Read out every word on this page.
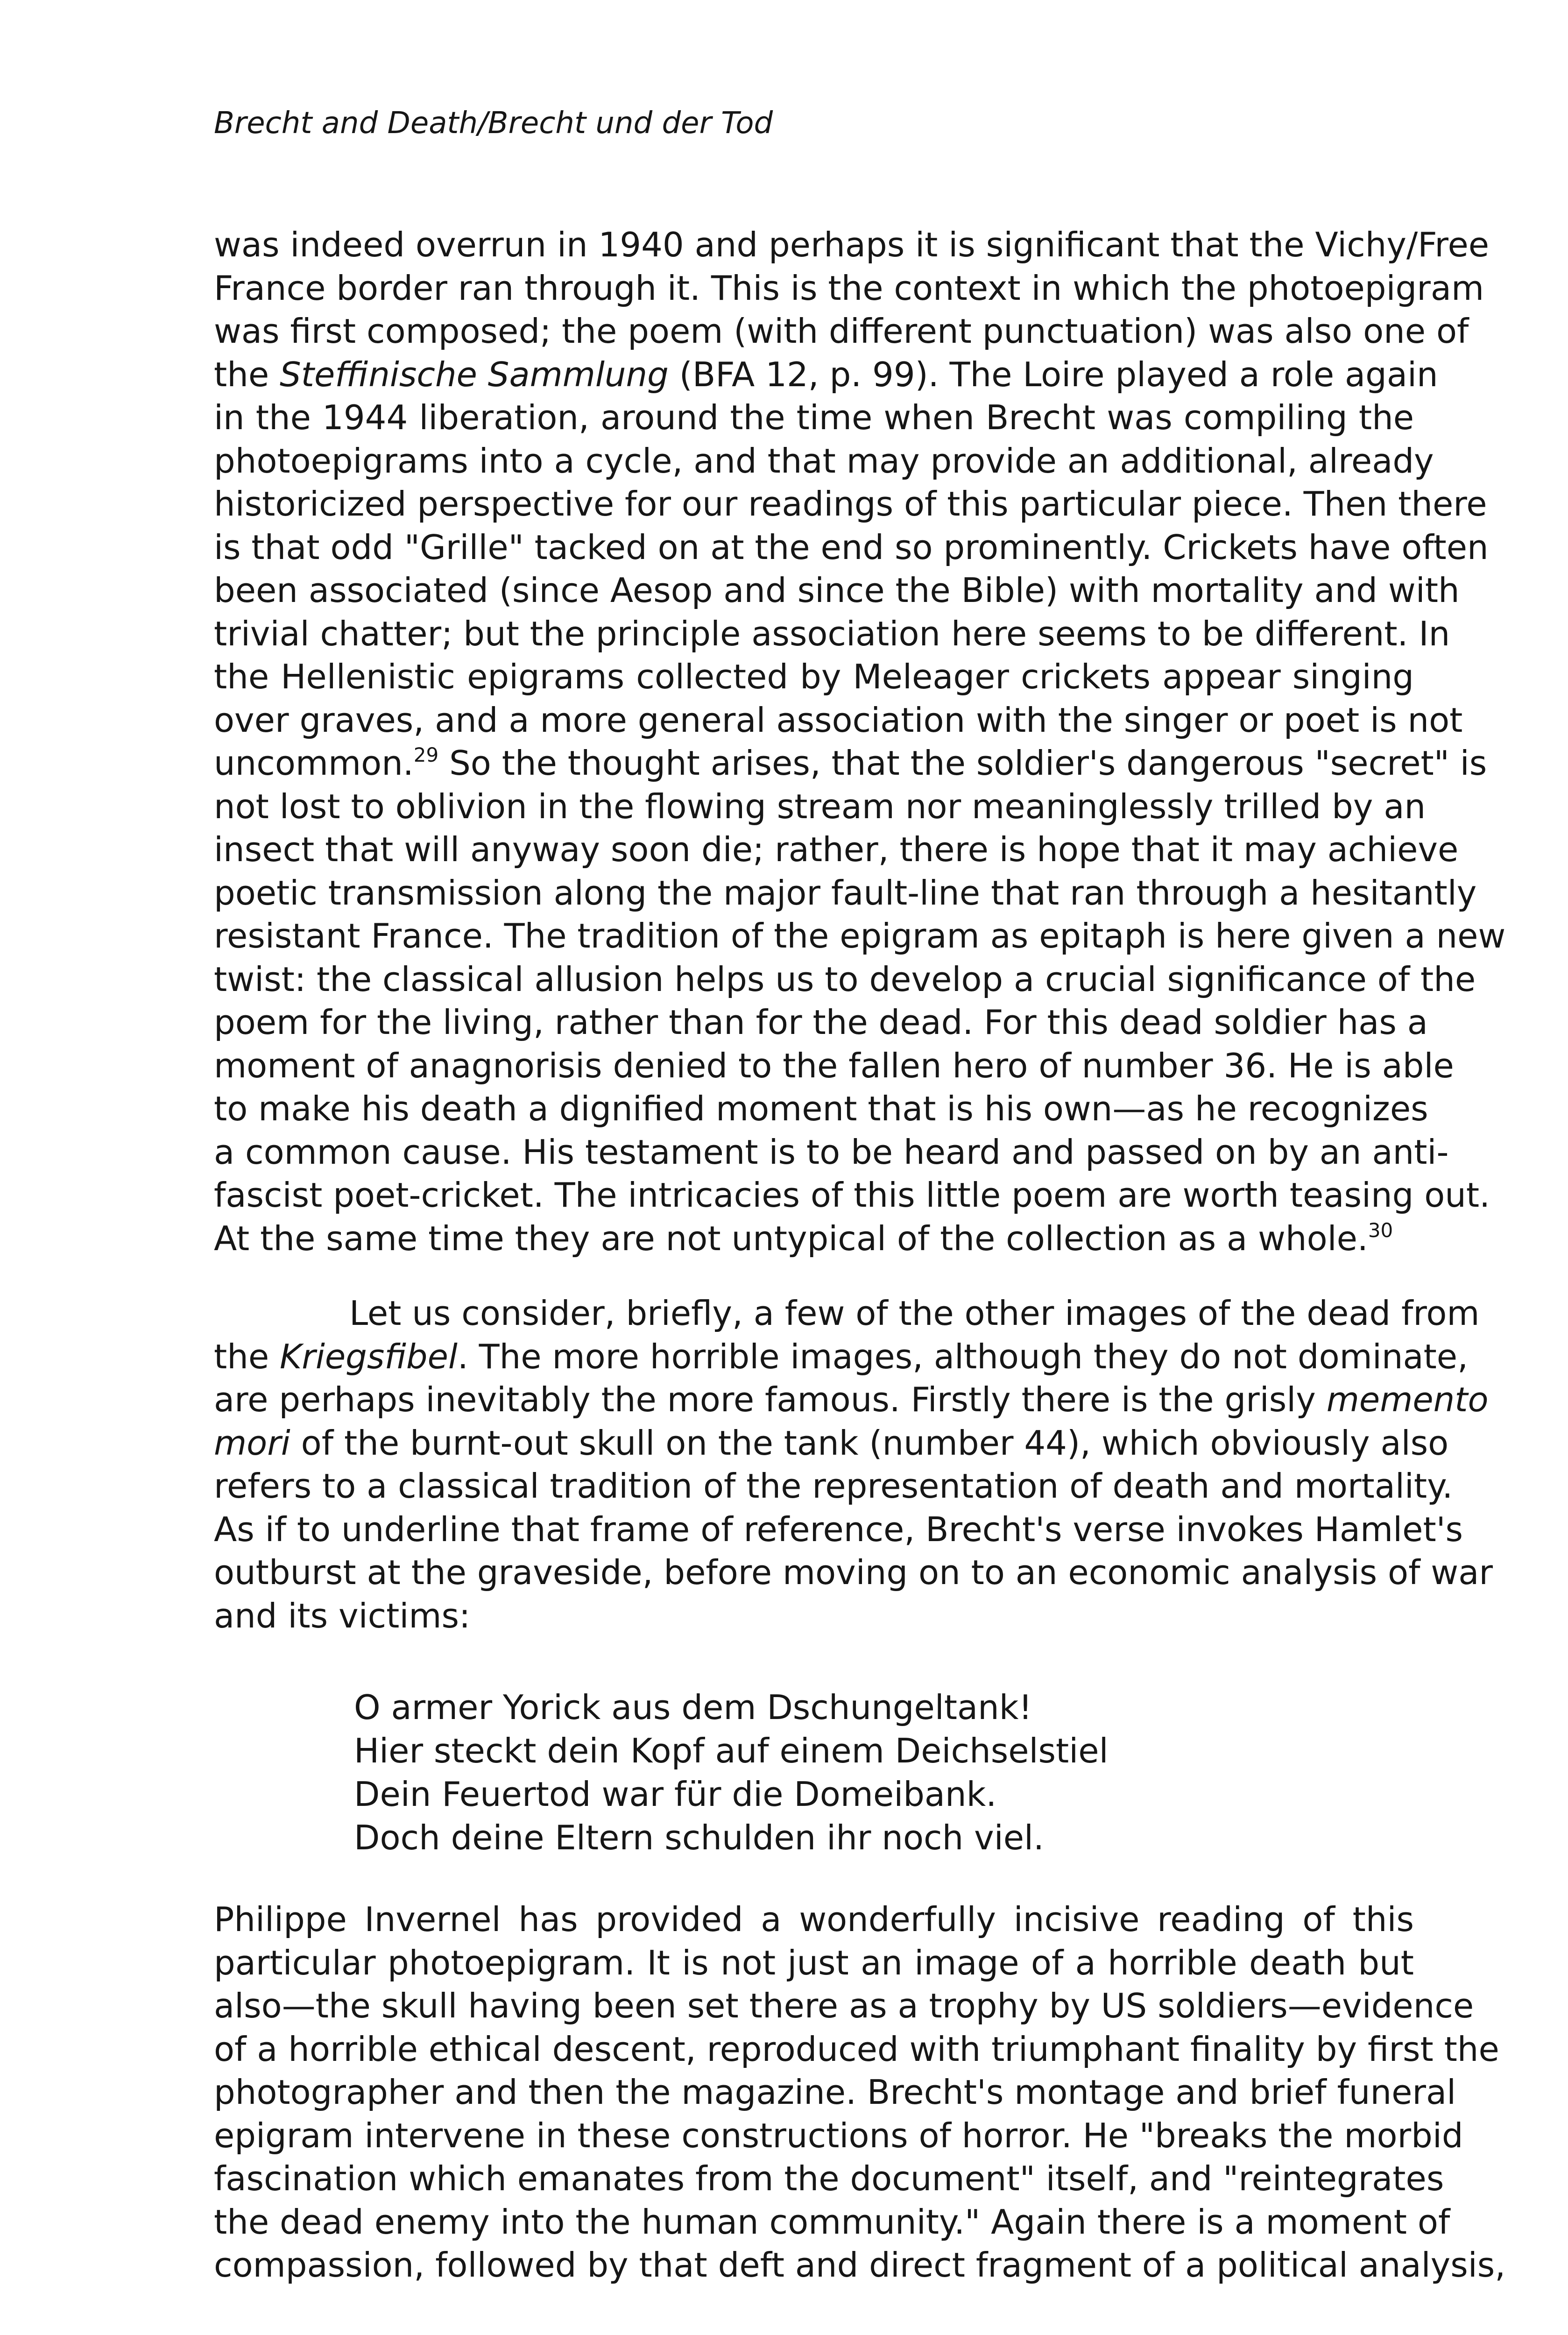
Brecht and Death/Brecht und der Tod
was indeed overrun in 1940 and perhaps it is significant that the Vichy/Free
France border ran through it. This is the context in which the photoepigram
was first composed; the poem (with different punctuation) was also one of
the Steffinische Sammlung (BFA 12, p. 99). The Loire played a role again
in the 1944 liberation, around the time when Brecht was compiling the
photoepigrams into a cycle, and that may provide an additional, already
historicized perspective for our readings of this particular piece. Then there
is that odd "Grille" tacked on at the end so prominently. Crickets have often
been associated (since Aesop and since the Bible) with mortality and with
trivial chatter; but the principle association here seems to be different. In
the Hellenistic epigrams collected by Meleager crickets appear singing
over graves, and a more general association with the singer or poet is not
uncommon.$^{29}$ So the thought arises, that the soldier's dangerous "secret" is
not lost to oblivion in the flowing stream nor meaninglessly trilled by an
insect that will anyway soon die; rather, there is hope that it may achieve
poetic transmission along the major fault-line that ran through a hesitantly
resistant France. The tradition of the epigram as epitaph is here given a new
twist: the classical allusion helps us to develop a crucial significance of the
poem for the living, rather than for the dead. For this dead soldier has a
moment of anagnorisis denied to the fallen hero of number 36. He is able
to make his death a dignified moment that is his own—as he recognizes
a common cause. His testament is to be heard and passed on by an anti-
fascist poet-cricket. The intricacies of this little poem are worth teasing out.
At the same time they are not untypical of the collection as a whole.$^{30}$
Let us consider, briefly, a few of the other images of the dead from
the Kriegsfibel. The more horrible images, although they do not dominate,
are perhaps inevitably the more famous. Firstly there is the grisly memento
mori of the burnt-out skull on the tank (number 44), which obviously also
refers to a classical tradition of the representation of death and mortality.
As if to underline that frame of reference, Brecht's verse invokes Hamlet's
outburst at the graveside, before moving on to an economic analysis of war
and its victims:
O armer Yorick aus dem Dschungeltank!
Hier steckt dein Kopf auf einem Deichselstiel
Dein Feuertod war für die Domeibank.
Doch deine Eltern schulden ihr noch viel.
Philippe Invernel has provided a wonderfully incisive reading of this
particular photoepigram. It is not just an image of a horrible death but
also—the skull having been set there as a trophy by US soldiers—evidence
of a horrible ethical descent, reproduced with triumphant finality by first the
photographer and then the magazine. Brecht's montage and brief funeral
epigram intervene in these constructions of horror. He "breaks the morbid
fascination which emanates from the document" itself, and "reintegrates
the dead enemy into the human community." Again there is a moment of
compassion, followed by that deft and direct fragment of a political analysis,
